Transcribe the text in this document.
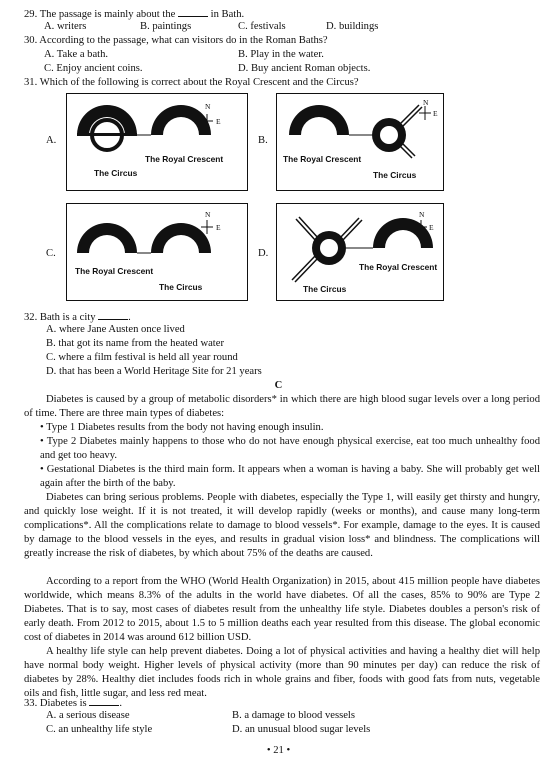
29. The passage is mainly about the	in Bath.
A. writers	B. paintings	C. festivals	D. buildings
30. According to the passage, what can visitors do in the Roman Baths?
A. Take a bath.	B. Play in the water.
C. Enjoy ancient coins.	D. Buy ancient Roman objects.
31. Which of the following is correct about the Royal Crescent and the Circus?
A.
N
E
The Royal Crescent
The Circus
B.
N
E
The Royal Crescent
The Circus
C.
N
E
The Royal Crescent
The Circus
D.
N
E
The Royal Crescent
The Circus
32. Bath is a city	.
A. where Jane Austen once lived
B. that got its name from the heated water
C. where a film festival is held all year round
D. that has been a World Heritage Site for 21 years
C
Diabetes is caused by a group of metabolic disorders* in which there are high blood sugar levels over a long period of time. There are three main types of diabetes:
• Type 1 Diabetes results from the body not having enough insulin.
• Type 2 Diabetes mainly happens to those who do not have enough physical exercise, eat too much unhealthy food and get too heavy.
• Gestational Diabetes is the third main form. It appears when a woman is having a baby. She will probably get well again after the birth of the baby.
Diabetes can bring serious problems. People with diabetes, especially the Type 1, will easily get thirsty and hungry, and quickly lose weight. If it is not treated, it will develop rapidly (weeks or months), and cause many long-term complications*. All the complications relate to damage to blood vessels*. For example, damage to the eyes. It is caused by damage to the blood vessels in the eyes, and results in gradual vision loss* and blindness. The complications will greatly increase the risk of diabetes, by which about 75% of the deaths are caused.
According to a report from the WHO (World Health Organization) in 2015, about 415 million people have diabetes worldwide, which means 8.3% of the adults in the world have diabetes. Of all the cases, 85% to 90% are Type 2 Diabetes. That is to say, most cases of diabetes result from the unhealthy life style. Diabetes doubles a person's risk of early death. From 2012 to 2015, about 1.5 to 5 million deaths each year resulted from this disease. The global economic cost of diabetes in 2014 was around 612 billion USD.
A healthy life style can help prevent diabetes. Doing a lot of physical activities and having a healthy diet will help have normal body weight. Higher levels of physical activity (more than 90 minutes per day) can reduce the risk of diabetes by 28%. Healthy diet includes foods rich in whole grains and fiber, foods with good fats from nuts, vegetable oils and fish, little sugar, and less red meat.
33. Diabetes is	.
A. a serious disease	B. a damage to blood vessels
C. an unhealthy life style	D. an unusual blood sugar levels
• 21 •
